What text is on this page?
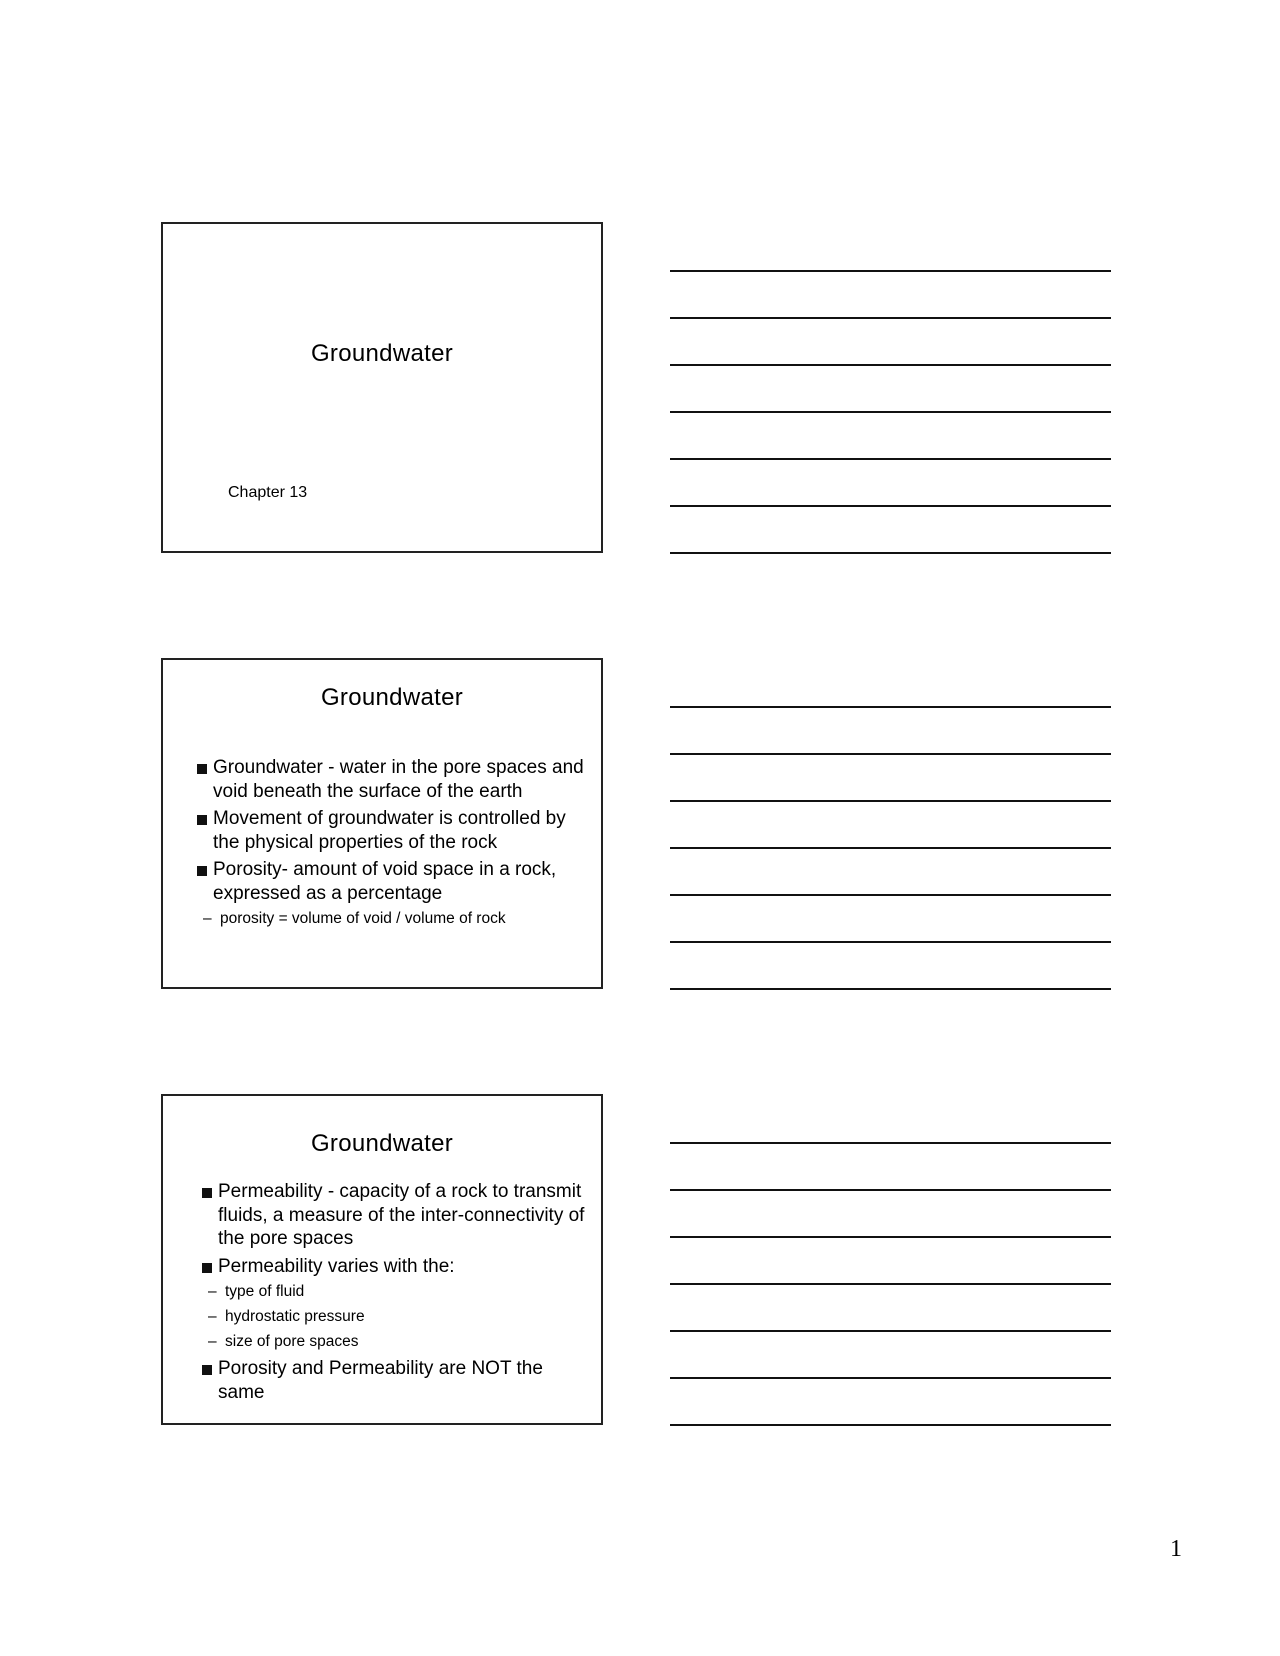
Groundwater
Chapter 13
Groundwater
Groundwater - water in the pore spaces and void beneath the surface of the earth
Movement of groundwater is controlled by the physical properties of the rock
Porosity- amount of void space in a rock, expressed as a percentage
– porosity = volume of void / volume of rock
Groundwater
Permeability - capacity of a rock to transmit fluids, a measure of the inter-connectivity of the pore spaces
Permeability varies with the:
– type of fluid
– hydrostatic pressure
– size of pore spaces
Porosity and Permeability are NOT the same
1
